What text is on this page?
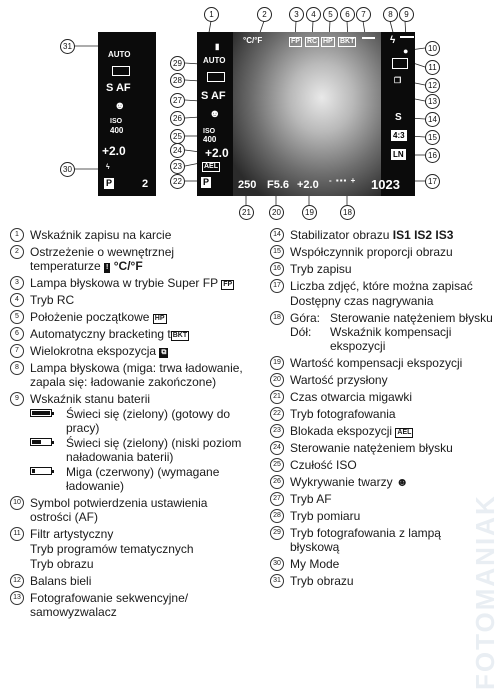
AUTO
S AF
☻
ISO
400
+2.0
ϟ
P	2
▮
°C/°F	FP RC HP BKT	ϟ
●
AUTO
S AF
☻
ISO
400
+2.0
AEL
P	250 F5.6 +2.0 - ▪▪▪ + 1023
❐
S
4:3
LN
1	2	3	4	5	6	7	8	9
10
11
12
13
14
15
16
17
18
19
20
21
22
23
24
25
26
27
28
29
30
31
FOTOMANIAK
1 Wskaźnik zapisu na karcie
2 Ostrzeżenie o wewnętrznej temperaturze ! °C/°F
3 Lampa błyskowa w trybie Super FP FP
4 Tryb RC
5 Położenie początkowe HP
6 Automatyczny bracketing t BKT
7 Wielokrotna ekspozycja ⧉
8 Lampa błyskowa (miga: trwa ładowanie, zapala się: ładowanie zakończone)
9 Wskaźnik stanu baterii
Świeci się (zielony) (gotowy do pracy)
Świeci się (zielony) (niski poziom naładowania baterii)
Miga (czerwony) (wymagane ładowanie)
10 Symbol potwierdzenia ustawienia ostrości (AF)
11 Filtr artystyczny
Tryb programów tematycznych
Tryb obrazu
12 Balans bieli
13 Fotografowanie sekwencyjne/ samowyzwalacz
14 Stabilizator obrazu IS1 IS2 IS3
15 Współczynnik proporcji obrazu
16 Tryb zapisu
17 Liczba zdjęć, które można zapisać
Dostępny czas nagrywania
18 Góra: Sterowanie natężeniem błysku
Dół:	Wskaźnik kompensacji ekspozycji
19 Wartość kompensacji ekspozycji
20 Wartość przysłony
21 Czas otwarcia migawki
22 Tryb fotografowania
23 Blokada ekspozycji AEL
24 Sterowanie natężeniem błysku
25 Czułość ISO
26 Wykrywanie twarzy ☻
27 Tryb AF
28 Tryb pomiaru
29 Tryb fotografowania z lampą błyskową
30 My Mode
31 Tryb obrazu
